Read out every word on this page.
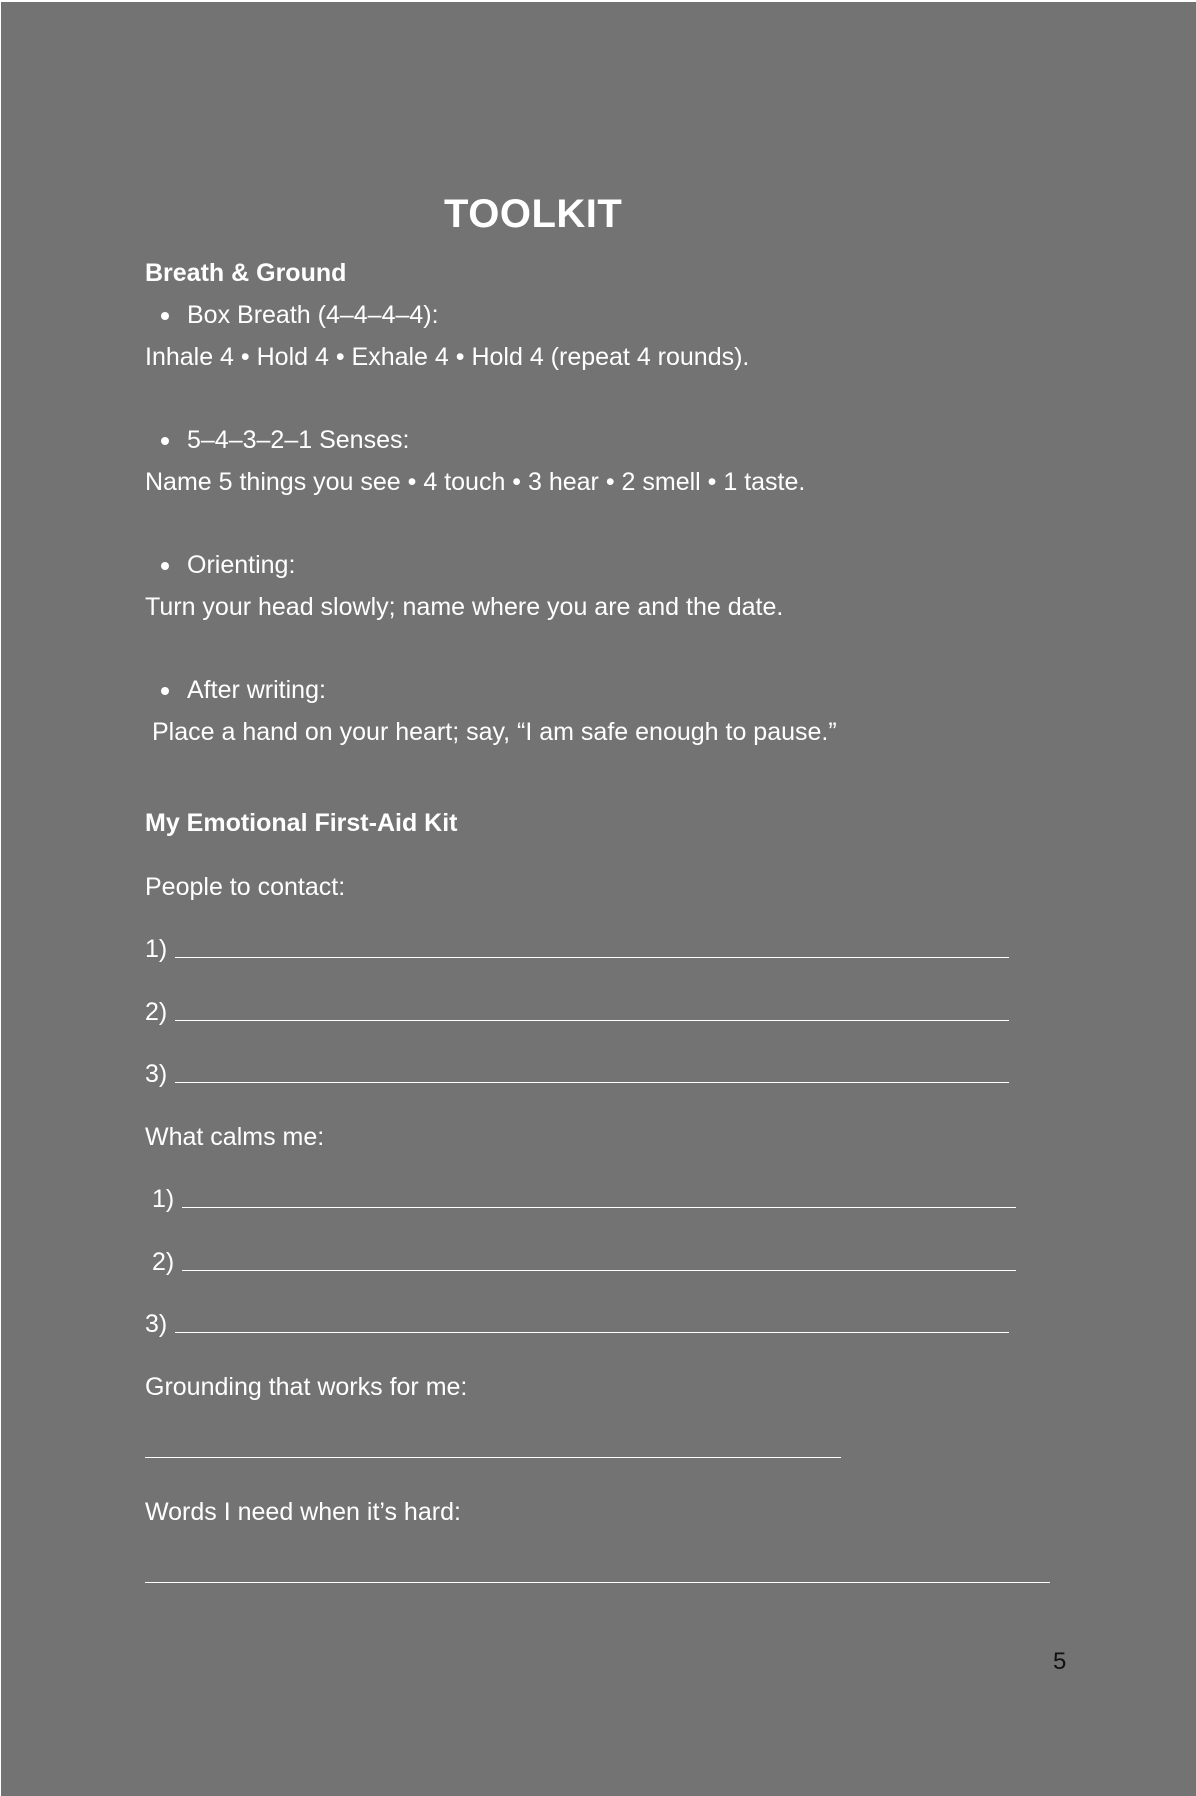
TOOLKIT
Breath & Ground
Box Breath (4–4–4–4):
Inhale 4 • Hold 4 • Exhale 4 • Hold 4 (repeat 4 rounds).
5–4–3–2–1 Senses:
Name 5 things you see • 4 touch • 3 hear • 2 smell • 1 taste.
Orienting:
Turn your head slowly; name where you are and the date.
After writing:
Place a hand on your heart; say, “I am safe enough to pause.”
My Emotional First-Aid Kit
People to contact:
1)
2)
3)
What calms me:
1)
2)
3)
Grounding that works for me:
Words I need when it’s hard:
5
